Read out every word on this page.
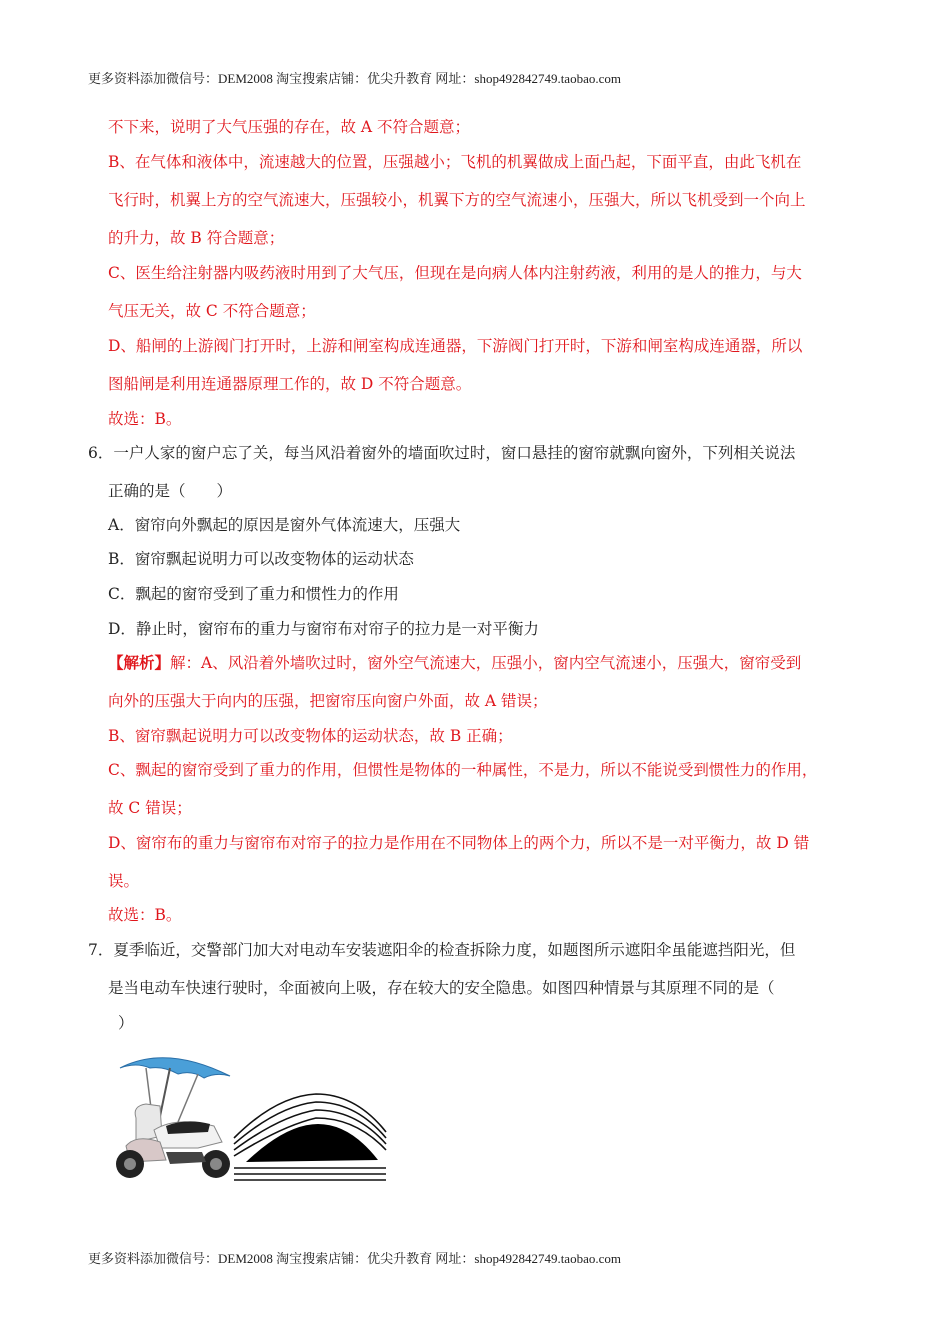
更多资料添加微信号：DEM2008 淘宝搜索店铺：优尖升教育 网址：shop492842749.taobao.com
不下来，说明了大气压强的存在，故 A 不符合题意；
B、在气体和液体中，流速越大的位置，压强越小；飞机的机翼做成上面凸起，下面平直，由此飞机在
飞行时，机翼上方的空气流速大，压强较小，机翼下方的空气流速小，压强大，所以飞机受到一个向上
的升力，故 B 符合题意；
C、医生给注射器内吸药液时用到了大气压，但现在是向病人体内注射药液，利用的是人的推力，与大
气压无关，故 C 不符合题意；
D、船闸的上游阀门打开时，上游和闸室构成连通器，下游阀门打开时，下游和闸室构成连通器，所以
图船闸是利用连通器原理工作的，故 D 不符合题意。
故选：B。
6．一户人家的窗户忘了关，每当风沿着窗外的墙面吹过时，窗口悬挂的窗帘就飘向窗外，下列相关说法
正确的是（　　）
A．窗帘向外飘起的原因是窗外气体流速大，压强大
B．窗帘飘起说明力可以改变物体的运动状态
C．飘起的窗帘受到了重力和惯性力的作用
D．静止时，窗帘布的重力与窗帘布对帘子的拉力是一对平衡力
【解析】解：A、风沿着外墙吹过时，窗外空气流速大，压强小，窗内空气流速小，压强大，窗帘受到
向外的压强大于向内的压强，把窗帘压向窗户外面，故 A 错误；
B、窗帘飘起说明力可以改变物体的运动状态，故 B 正确；
C、飘起的窗帘受到了重力的作用，但惯性是物体的一种属性，不是力，所以不能说受到惯性力的作用，
故 C 错误；
D、窗帘布的重力与窗帘布对帘子的拉力是作用在不同物体上的两个力，所以不是一对平衡力，故 D 错
误。
故选：B。
7．夏季临近，交警部门加大对电动车安装遮阳伞的检查拆除力度，如题图所示遮阳伞虽能遮挡阳光，但
是当电动车快速行驶时，伞面被向上吸，存在较大的安全隐患。如图四种情景与其原理不同的是（
）
更多资料添加微信号：DEM2008 淘宝搜索店铺：优尖升教育 网址：shop492842749.taobao.com
